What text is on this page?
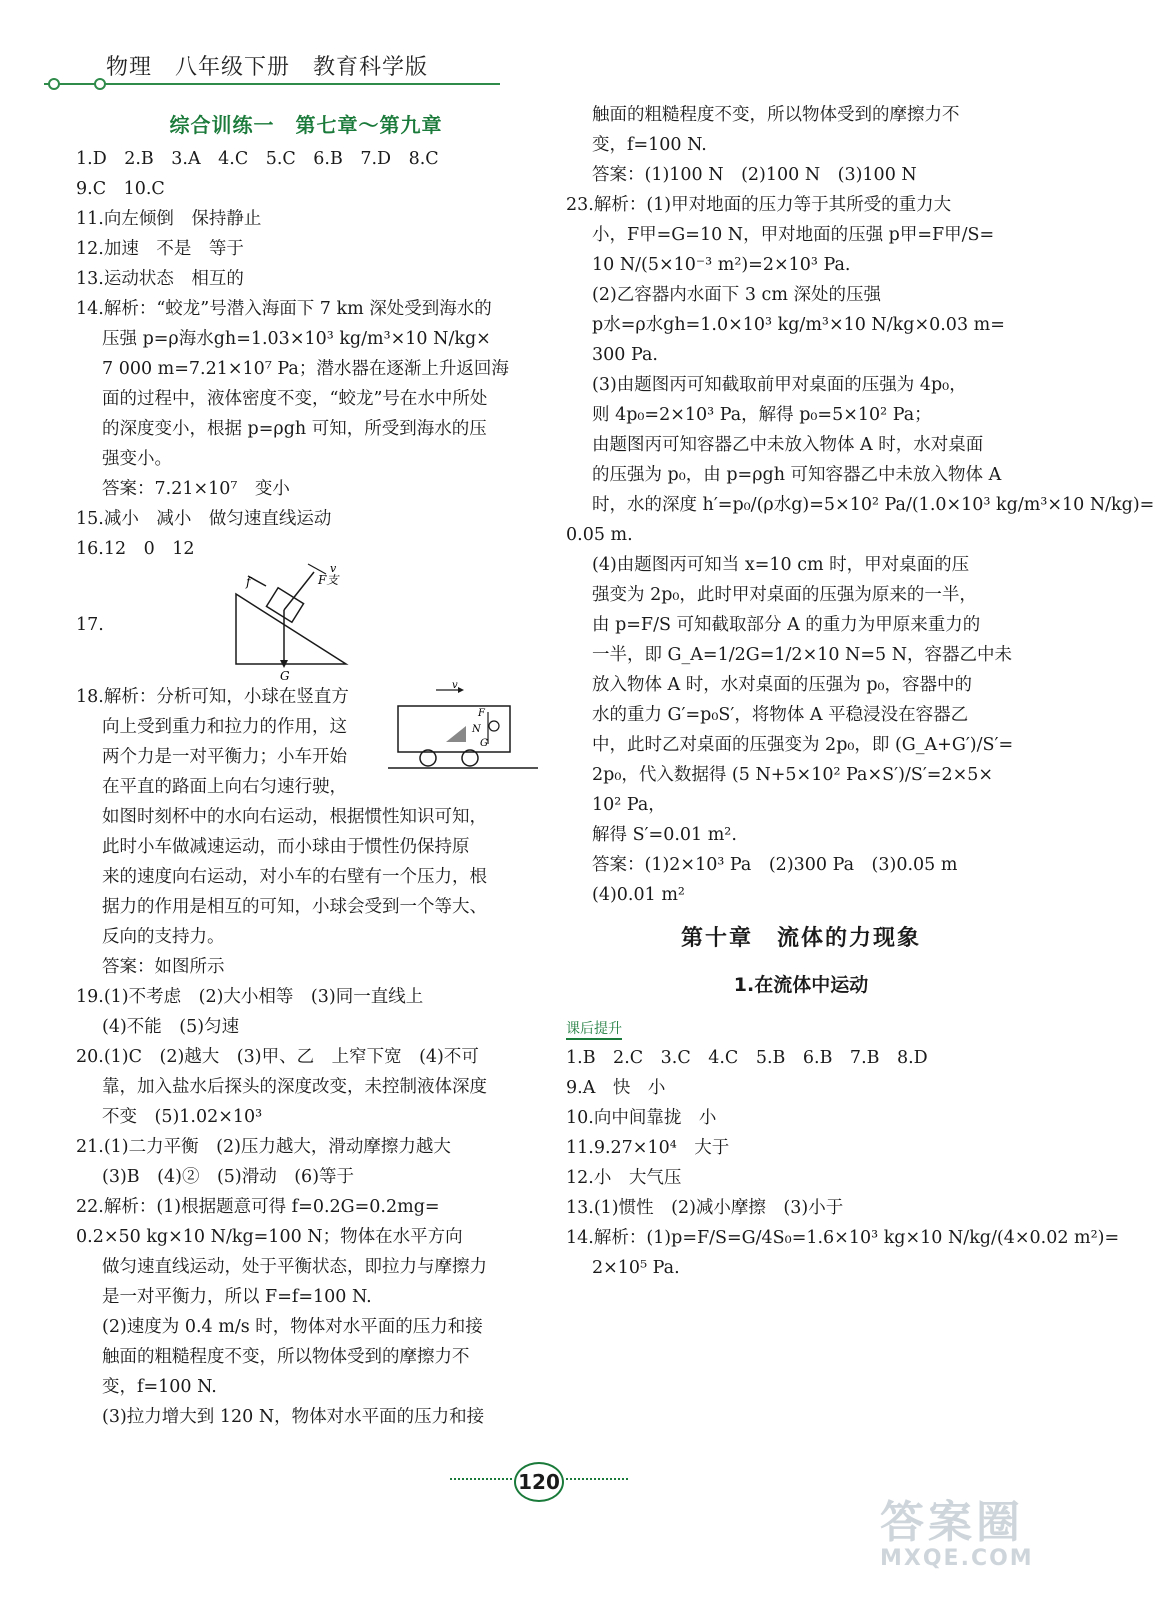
物理　八年级下册　教育科学版
综合训练一　第七章～第九章
1.D　2.B　3.A　4.C　5.C　6.B　7.D　8.C
9.C　10.C
11.向左倾倒　保持静止
12.加速　不是　等于
13.运动状态　相互的
14.解析：“蛟龙”号潜入海面下 7 km 深处受到海水的
压强 p=ρ海水gh=1.03×10³ kg/m³×10 N/kg×
7 000 m=7.21×10⁷ Pa；潜水器在逐渐上升返回海
面的过程中，液体密度不变，“蛟龙”号在水中所处
的深度变小，根据 p=ρgh 可知，所受到海水的压
强变小。
答案：7.21×10⁷　变小
15.减小　减小　做匀速直线运动
16.12　0　12
17.
f
v
F支
G
18.解析：分析可知，小球在竖直方
向上受到重力和拉力的作用，这
两个力是一对平衡力；小车开始
在平直的路面上向右匀速行驶，
v
F
N
G
如图时刻杯中的水向右运动，根据惯性知识可知，
此时小车做减速运动，而小球由于惯性仍保持原
来的速度向右运动，对小车的右壁有一个压力，根
据力的作用是相互的可知，小球会受到一个等大、
反向的支持力。
答案：如图所示
19.(1)不考虑　(2)大小相等　(3)同一直线上
(4)不能　(5)匀速
20.(1)C　(2)越大　(3)甲、乙　上窄下宽　(4)不可
靠，加入盐水后探头的深度改变，未控制液体深度
不变　(5)1.02×10³
21.(1)二力平衡　(2)压力越大，滑动摩擦力越大
(3)B　(4)②　(5)滑动　(6)等于
22.解析：(1)根据题意可得 f=0.2G=0.2mg=
0.2×50 kg×10 N/kg=100 N；物体在水平方向
做匀速直线运动，处于平衡状态，即拉力与摩擦力
是一对平衡力，所以 F=f=100 N.
(2)速度为 0.4 m/s 时，物体对水平面的压力和接
触面的粗糙程度不变，所以物体受到的摩擦力不
变，f=100 N.
(3)拉力增大到 120 N，物体对水平面的压力和接
触面的粗糙程度不变，所以物体受到的摩擦力不
变，f=100 N.
答案：(1)100 N　(2)100 N　(3)100 N
23.解析：(1)甲对地面的压力等于其所受的重力大
小，F甲=G=10 N，甲对地面的压强 p甲=F甲/S=
10 N/(5×10⁻³ m²)=2×10³ Pa.
(2)乙容器内水面下 3 cm 深处的压强
p水=ρ水gh=1.0×10³ kg/m³×10 N/kg×0.03 m=
300 Pa.
(3)由题图丙可知截取前甲对桌面的压强为 4p₀，
则 4p₀=2×10³ Pa，解得 p₀=5×10² Pa；
由题图丙可知容器乙中未放入物体 A 时，水对桌面
的压强为 p₀，由 p=ρgh 可知容器乙中未放入物体 A
时，水的深度 h′=p₀/(ρ水g)=5×10² Pa/(1.0×10³ kg/m³×10 N/kg)=
0.05 m.
(4)由题图丙可知当 x=10 cm 时，甲对桌面的压
强变为 2p₀，此时甲对桌面的压强为原来的一半，
由 p=F/S 可知截取部分 A 的重力为甲原来重力的
一半，即 G_A=1/2G=1/2×10 N=5 N，容器乙中未
放入物体 A 时，水对桌面的压强为 p₀，容器中的
水的重力 G′=p₀S′，将物体 A 平稳浸没在容器乙
中，此时乙对桌面的压强变为 2p₀，即 (G_A+G′)/S′=
2p₀，代入数据得 (5 N+5×10² Pa×S′)/S′=2×5×
10² Pa，
解得 S′=0.01 m².
答案：(1)2×10³ Pa　(2)300 Pa　(3)0.05 m
(4)0.01 m²
第十章　流体的力现象
1.在流体中运动
课后提升
1.B　2.C　3.C　4.C　5.B　6.B　7.B　8.D
9.A　快　小
10.向中间靠拢　小
11.9.27×10⁴　大于
12.小　大气压
13.(1)惯性　(2)减小摩擦　(3)小于
14.解析：(1)p=F/S=G/4S₀=1.6×10³ kg×10 N/kg/(4×0.02 m²)=
2×10⁵ Pa.
120
答案圈
MXQE.COM
